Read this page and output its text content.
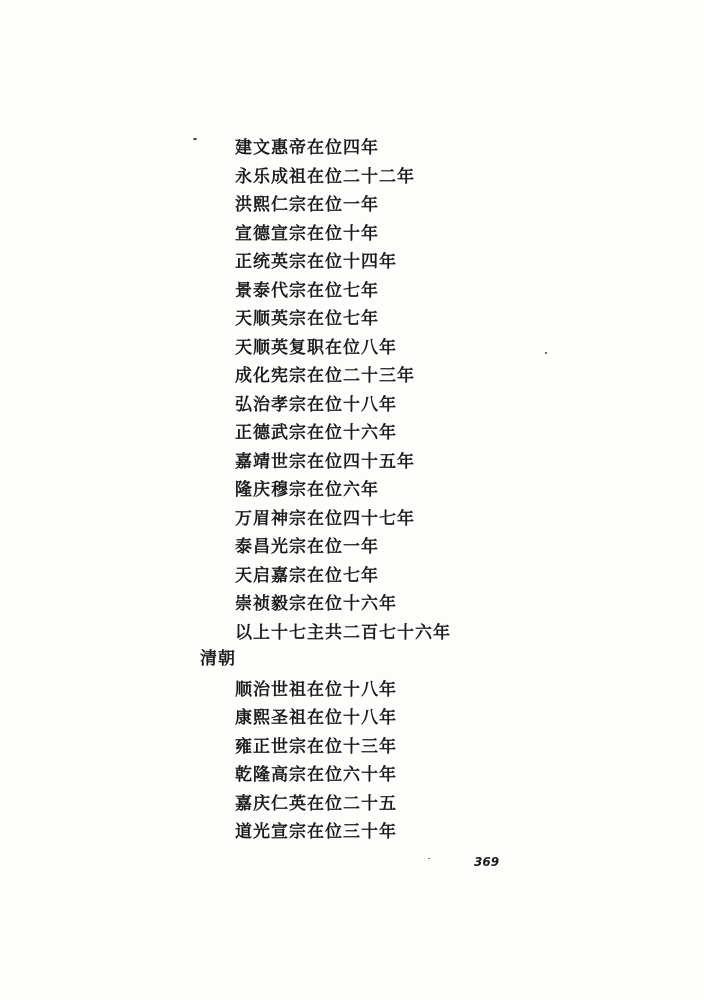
建文惠帝在位四年
永乐成祖在位二十二年
洪熙仁宗在位一年
宣德宣宗在位十年
正统英宗在位十四年
景泰代宗在位七年
天顺英宗在位七年
天顺英复职在位八年
成化宪宗在位二十三年
弘治孝宗在位十八年
正德武宗在位十六年
嘉靖世宗在位四十五年
隆庆穆宗在位六年
万眉神宗在位四十七年
泰昌光宗在位一年
天启嘉宗在位七年
崇祯毅宗在位十六年
以上十七主共二百七十六年
清朝
顺治世祖在位十八年
康熙圣祖在位十八年
雍正世宗在位十三年
乾隆高宗在位六十年
嘉庆仁英在位二十五
道光宣宗在位三十年
369
